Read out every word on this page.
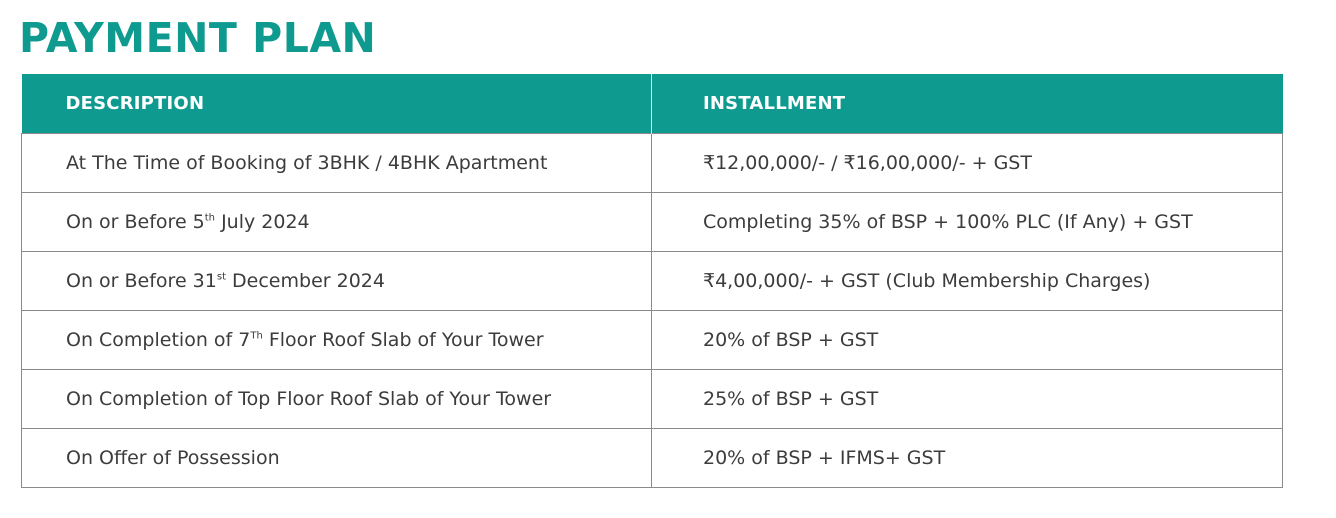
PAYMENT PLAN
DESCRIPTION	INSTALLMENT
At The Time of Booking of 3BHK / 4BHK Apartment	₹12,00,000/- / ₹16,00,000/- + GST
On or Before 5th July 2024	Completing 35% of BSP + 100% PLC (If Any) + GST
On or Before 31st December 2024	₹4,00,000/- + GST (Club Membership Charges)
On Completion of 7Th Floor Roof Slab of Your Tower	20% of BSP + GST
On Completion of Top Floor Roof Slab of Your Tower	25% of BSP + GST
On Offer of Possession	20% of BSP + IFMS+ GST
